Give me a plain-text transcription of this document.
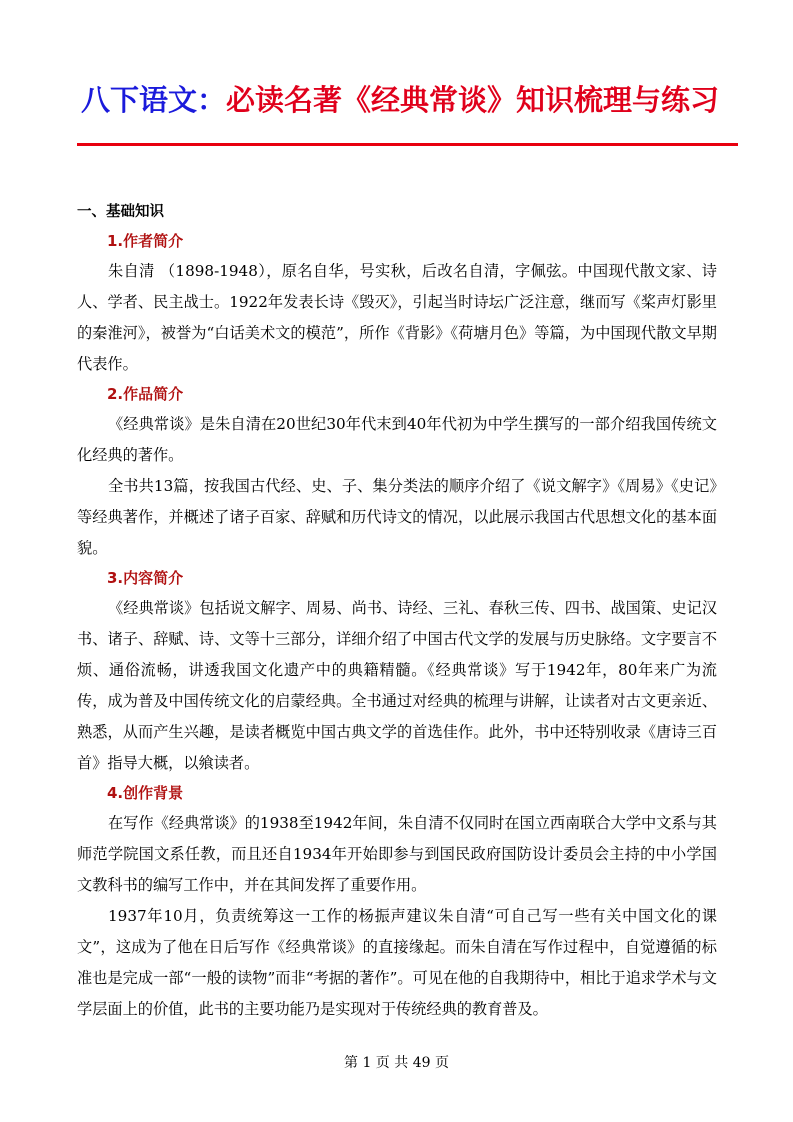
八下语文：必读名著《经典常谈》知识梳理与练习

一、基础知识

1.作者简介

朱自清 （1898-1948），原名自华，号实秋，后改名自清，字佩弦。中国现代散文家、诗人、学者、民主战士。1922年发表长诗《毁灭》，引起当时诗坛广泛注意，继而写《桨声灯影里的秦淮河》，被誉为“白话美术文的模范”，所作《背影》《荷塘月色》等篇，为中国现代散文早期代表作。

2.作品简介

《经典常谈》是朱自清在20世纪30年代末到40年代初为中学生撰写的一部介绍我国传统文化经典的著作。

全书共13篇，按我国古代经、史、子、集分类法的顺序介绍了《说文解字》《周易》《史记》等经典著作，并概述了诸子百家、辞赋和历代诗文的情况，以此展示我国古代思想文化的基本面貌。

3.内容简介

《经典常谈》包括说文解字、周易、尚书、诗经、三礼、春秋三传、四书、战国策、史记汉书、诸子、辞赋、诗、文等十三部分，详细介绍了中国古代文学的发展与历史脉络。文字要言不烦、通俗流畅，讲透我国文化遗产中的典籍精髓。《经典常谈》写于1942年，80年来广为流传，成为普及中国传统文化的启蒙经典。全书通过对经典的梳理与讲解，让读者对古文更亲近、熟悉，从而产生兴趣，是读者概览中国古典文学的首选佳作。此外，书中还特别收录《唐诗三百首》指导大概，以飨读者。

4.创作背景

在写作《经典常谈》的1938至1942年间，朱自清不仅同时在国立西南联合大学中文系与其师范学院国文系任教，而且还自1934年开始即参与到国民政府国防设计委员会主持的中小学国文教科书的编写工作中，并在其间发挥了重要作用。

1937年10月，负责统筹这一工作的杨振声建议朱自清“可自己写一些有关中国文化的课文”，这成为了他在日后写作《经典常谈》的直接缘起。而朱自清在写作过程中，自觉遵循的标准也是完成一部“一般的读物”而非“考据的著作”。可见在他的自我期待中，相比于追求学术与文学层面上的价值，此书的主要功能乃是实现对于传统经典的教育普及。

第 1 页 共 49 页
